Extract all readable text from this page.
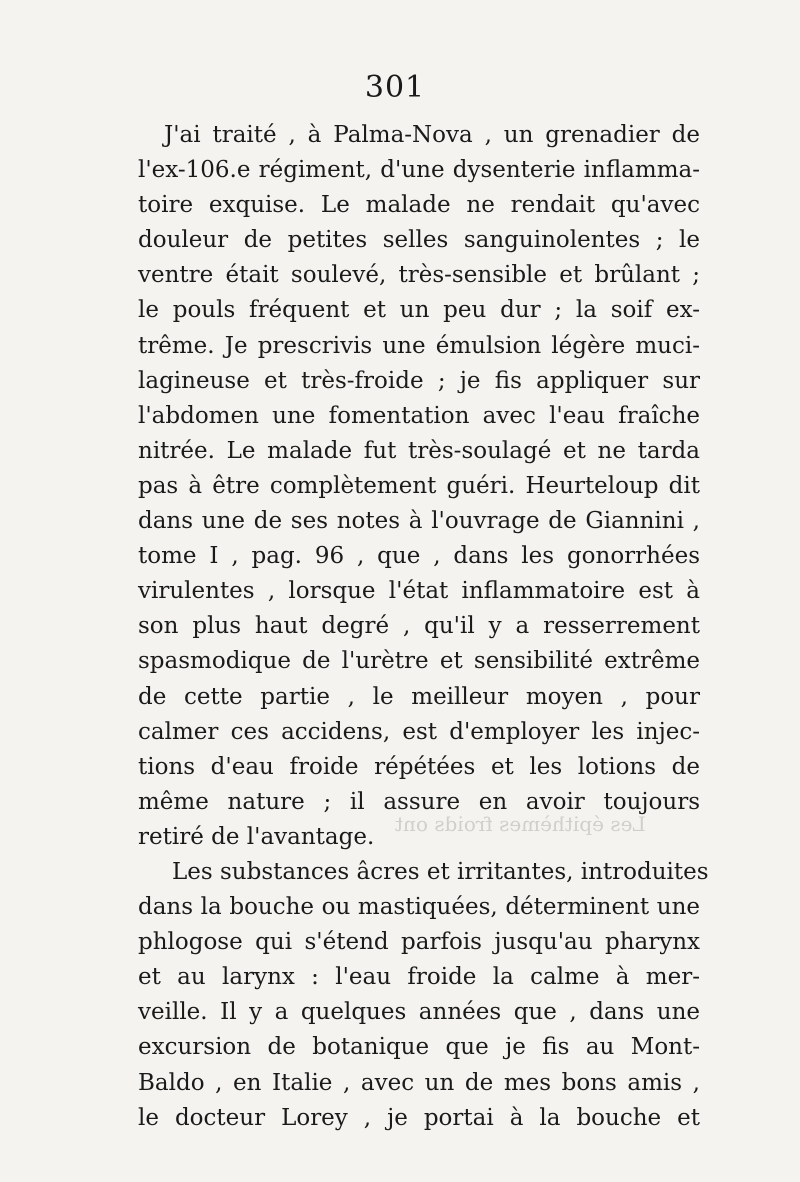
301
Les épithèmes froids ont
J'ai traité , à Palma-Nova , un grenadier de
l'ex-106.e régiment, d'une dysenterie inflamma-
toire exquise. Le malade ne rendait qu'avec
douleur de petites selles sanguinolentes ; le
ventre était soulevé, très-sensible et brûlant ;
le pouls fréquent et un peu dur ; la soif ex-
trême. Je prescrivis une émulsion légère muci-
lagineuse et très-froide ; je fis appliquer sur
l'abdomen une fomentation avec l'eau fraîche
nitrée. Le malade fut très-soulagé et ne tarda
pas à être complètement guéri. Heurteloup dit
dans une de ses notes à l'ouvrage de Giannini ,
tome I , pag. 96 , que , dans les gonorrhées
virulentes , lorsque l'état inflammatoire est à
son plus haut degré , qu'il y a resserrement
spasmodique de l'urètre et sensibilité extrême
de cette partie , le meilleur moyen , pour
calmer ces accidens, est d'employer les injec-
tions d'eau froide répétées et les lotions de
même nature ; il assure en avoir toujours
retiré de l'avantage.
Les substances âcres et irritantes, introduites
dans la bouche ou mastiquées, déterminent une
phlogose qui s'étend parfois jusqu'au pharynx
et au larynx : l'eau froide la calme à mer-
veille. Il y a quelques années que , dans une
excursion de botanique que je fis au Mont-
Baldo , en Italie , avec un de mes bons amis ,
le docteur Lorey , je portai à la bouche et
